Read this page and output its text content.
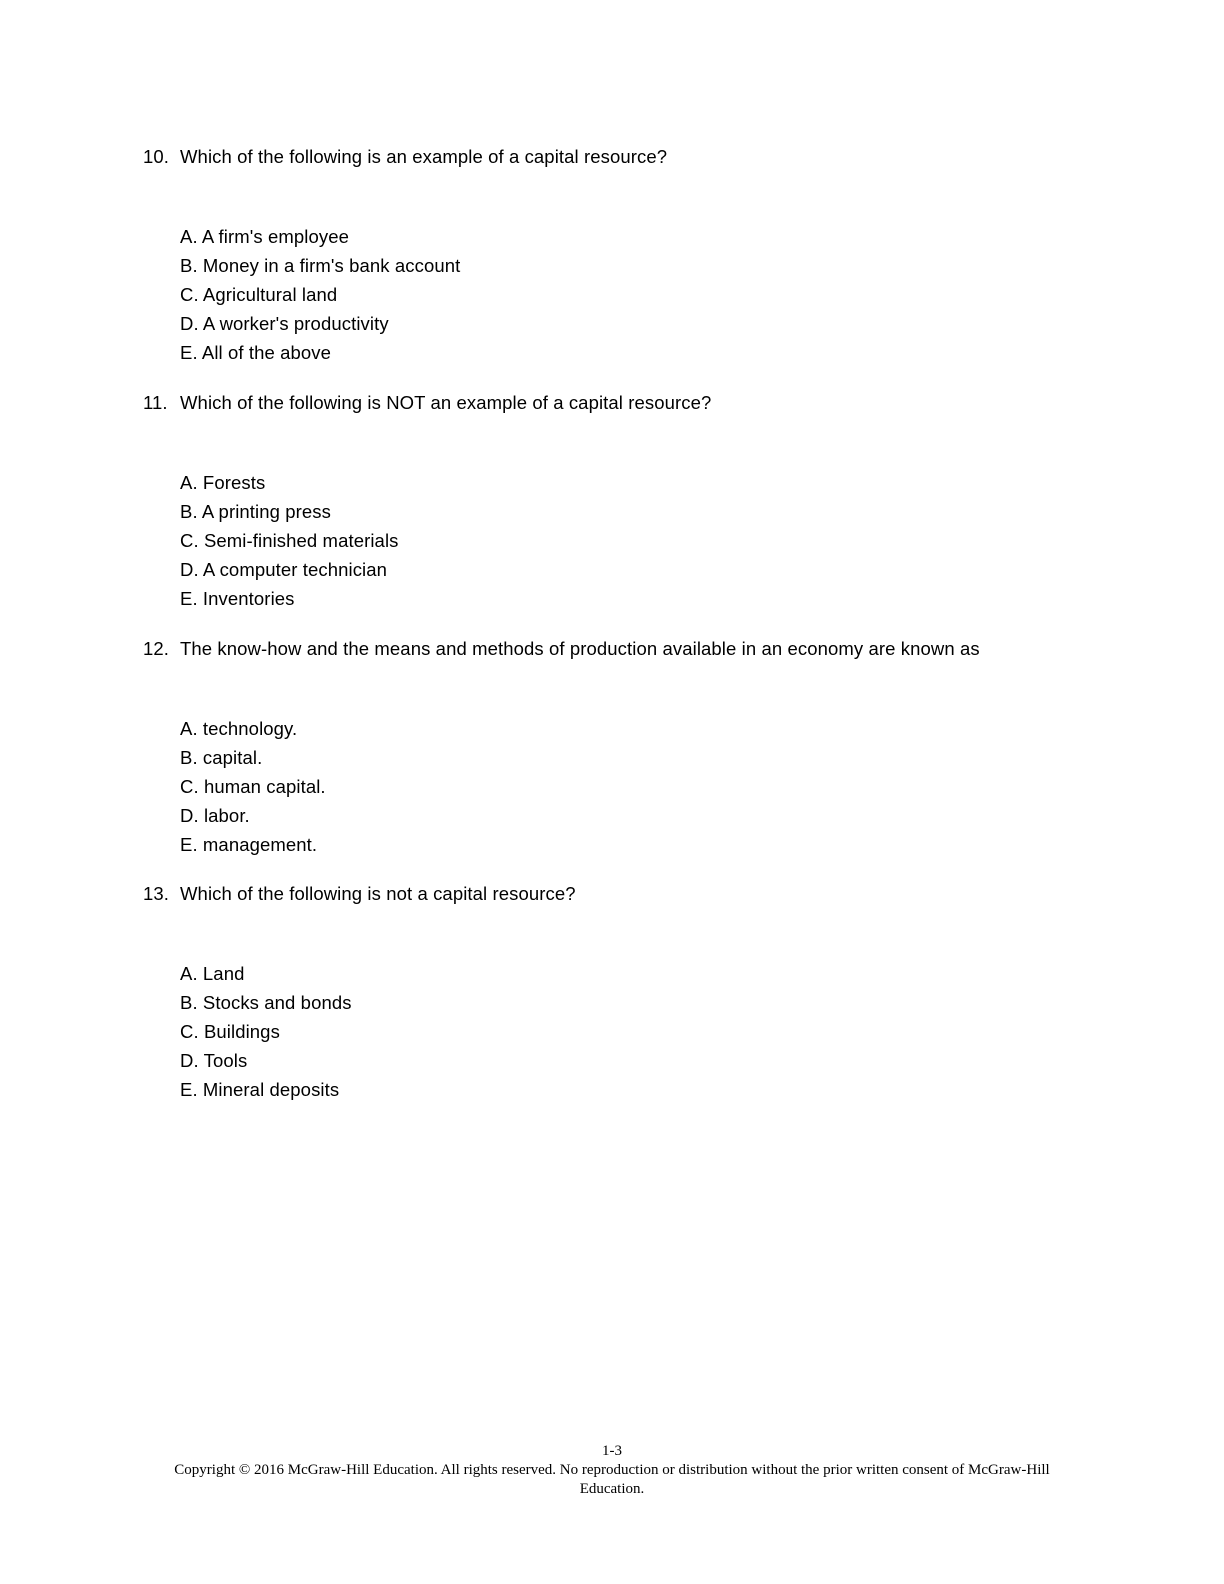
10. Which of the following is an example of a capital resource?
A. A firm's employee
B. Money in a firm's bank account
C. Agricultural land
D. A worker's productivity
E. All of the above
11. Which of the following is NOT an example of a capital resource?
A. Forests
B. A printing press
C. Semi-finished materials
D. A computer technician
E. Inventories
12. The know-how and the means and methods of production available in an economy are known as
A. technology.
B. capital.
C. human capital.
D. labor.
E. management.
13. Which of the following is not a capital resource?
A. Land
B. Stocks and bonds
C. Buildings
D. Tools
E. Mineral deposits
1-3
Copyright © 2016 McGraw-Hill Education. All rights reserved. No reproduction or distribution without the prior written consent of McGraw-Hill Education.
